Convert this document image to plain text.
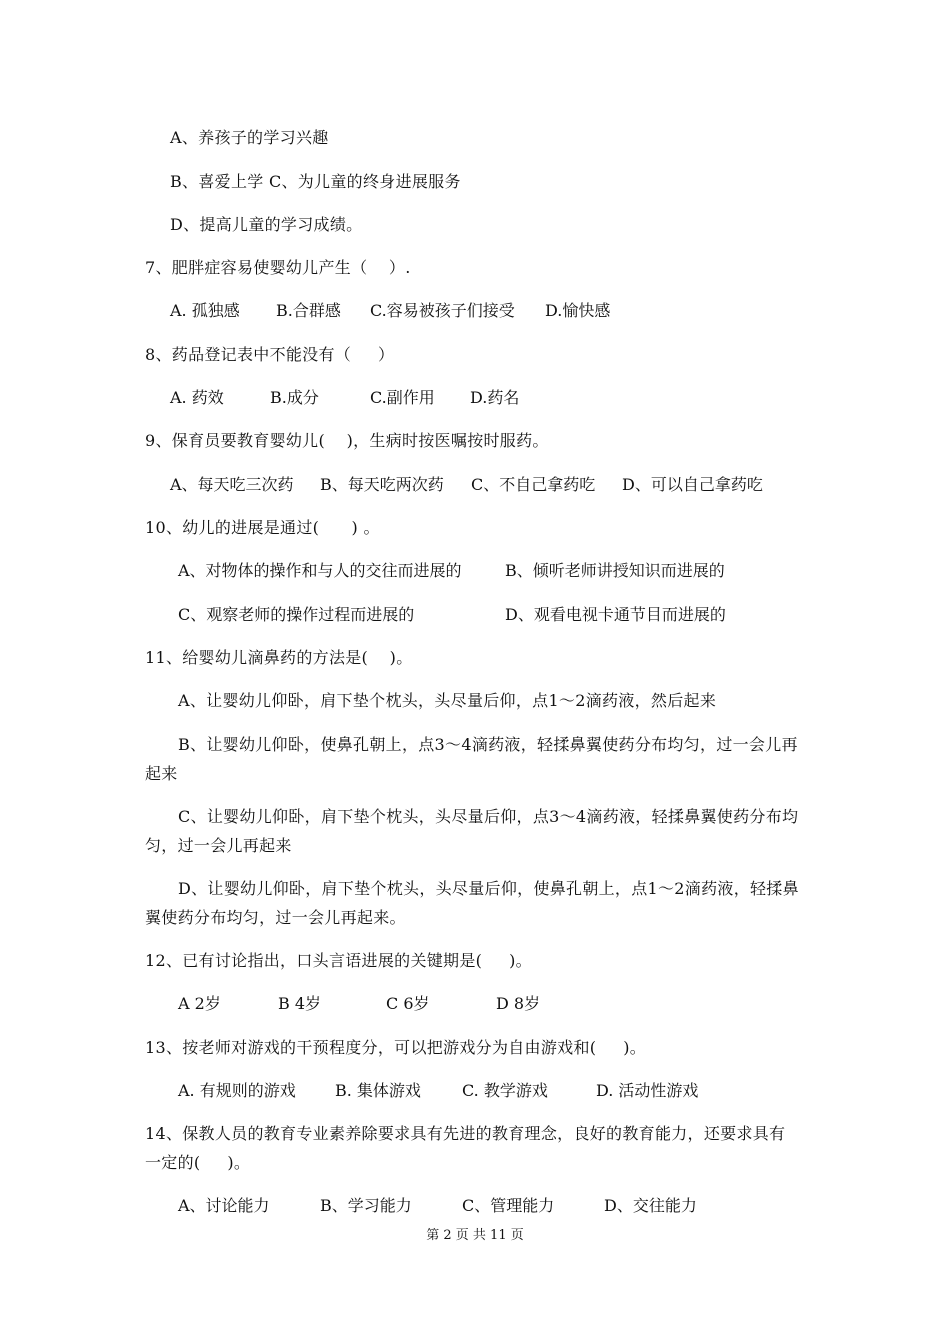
A、养孩子的学习兴趣
B、喜爱上学 C、为儿童的终身进展服务
D、提高儿童的学习成绩。
7、肥胖症容易使婴幼儿产生（    ）.
A. 孤独感 B.合群感 C.容易被孩子们接受 D.愉快感
8、药品登记表中不能没有（     ）
A. 药效	B.成分	C.副作用 D.药名
9、保育员要教育婴幼儿(    )，生病时按医嘱按时服药。
A、每天吃三次药 B、每天吃两次药 C、不自己拿药吃 D、可以自己拿药吃
10、幼儿的进展是通过(      ) 。
A、对物体的操作和与人的交往而进展的	B、倾听老师讲授知识而进展的
C、观察老师的操作过程而进展的	D、观看电视卡通节目而进展的
11、给婴幼儿滴鼻药的方法是(    )。
A、让婴幼儿仰卧，肩下垫个枕头，头尽量后仰，点1～2滴药液，然后起来
B、让婴幼儿仰卧，使鼻孔朝上，点3～4滴药液，轻揉鼻翼使药分布均匀，过一会儿再
起来
C、让婴幼儿仰卧，肩下垫个枕头，头尽量后仰，点3～4滴药液，轻揉鼻翼使药分布均
匀，过一会儿再起来
D、让婴幼儿仰卧，肩下垫个枕头，头尽量后仰，使鼻孔朝上，点1～2滴药液，轻揉鼻
翼使药分布均匀，过一会儿再起来。
12、已有讨论指出，口头言语进展的关键期是(     )。
A 2岁	B 4岁	C 6岁	D 8岁
13、按老师对游戏的干预程度分，可以把游戏分为自由游戏和(     )。
A. 有规则的游戏 B. 集体游戏	C. 教学游戏	D. 活动性游戏
14、保教人员的教育专业素养除要求具有先进的教育理念，良好的教育能力，还要求具有
一定的(     )。
A、讨论能力	B、学习能力	C、管理能力	D、交往能力
第 2 页 共 11 页
